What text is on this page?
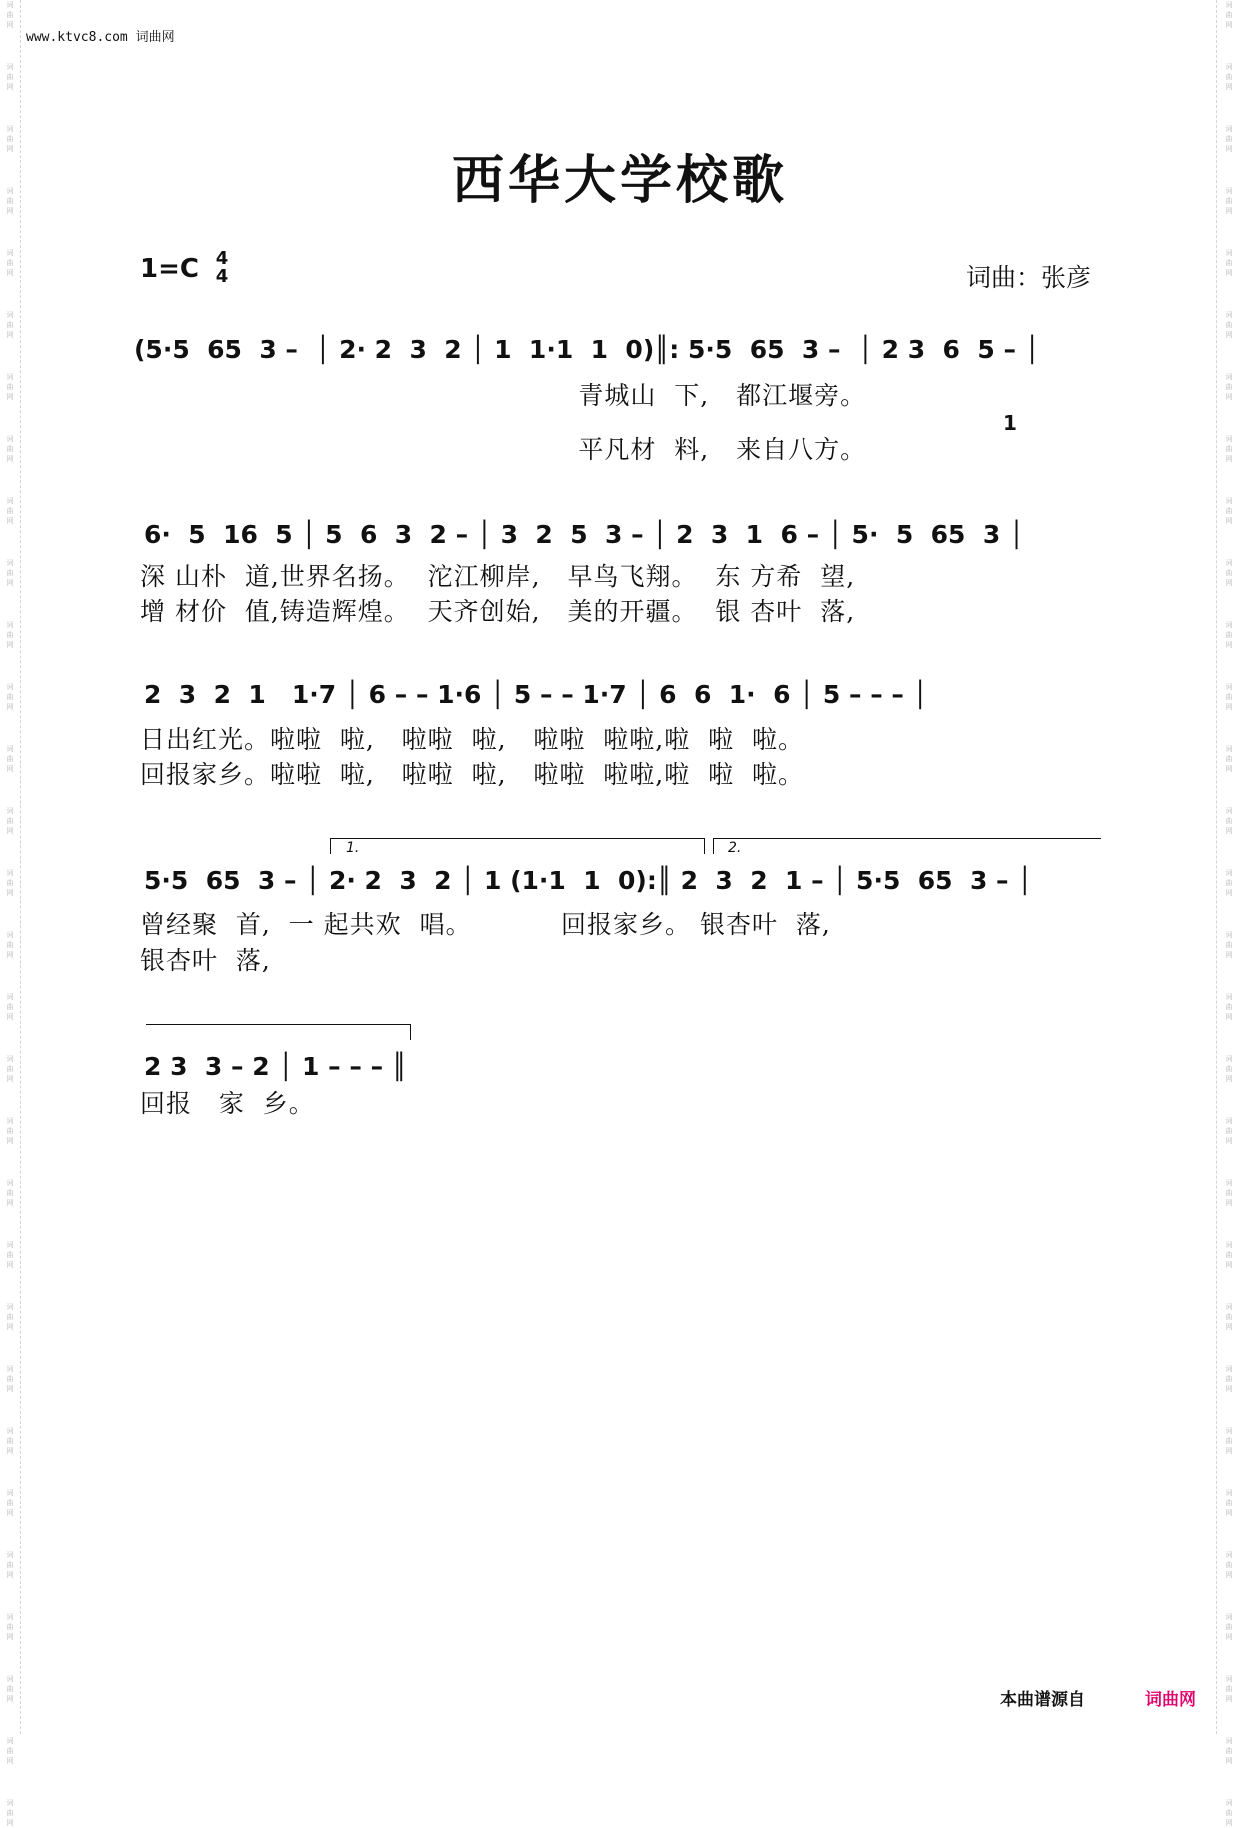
词
曲
网
词
曲
网
词
曲
网
词
曲
网
词
曲
网
词
曲
网
词
曲
网
词
曲
网
词
曲
网
词
曲
网
词
曲
网
词
曲
网
词
曲
网
词
曲
网
词
曲
网
词
曲
网
词
曲
网
词
曲
网
词
曲
网
词
曲
网
词
曲
网
词
曲
网
词
曲
网
词
曲
网
词
曲
网
词
曲
网
词
曲
网
词
曲
网
词
曲
网
词
曲
网
词
曲
网
词
曲
网
词
曲
网
词
曲
网
词
曲
网
词
曲
网
词
曲
网
词
曲
网
词
曲
网
词
曲
网
词
曲
网
词
曲
网
词
曲
网
词
曲
网
词
曲
网
词
曲
网
词
曲
网
词
曲
网
词
曲
网
词
曲
网
词
曲
网
词
曲
网
词
曲
网
词
曲
网
词
曲
网
词
曲
网
词
曲
网
词
曲
网
词
曲
网
词
曲
网
www.ktvc8.com 词曲网
西华大学校歌
1=C 4
4	词曲：张彦
(5·5  65  3 –  │ 2· 2  3  2 │ 1  1·1  1  0)║: 5·5  65  3 –  │ 2 3  6  5 – │
青城山  下,   都江堰旁。
1
平凡材  料,   来自八方。
6·  5  16  5 │ 5  6  3  2 – │ 3  2  5  3 – │ 2  3  1  6 – │ 5·  5  65  3 │
深 山朴  道,世界名扬。  沱江柳岸,   早鸟飞翔。  东 方希  望,
增 材价  值,铸造辉煌。  天齐创始,   美的开疆。  银 杏叶  落,
2  3  2  1   1·7 │ 6 – – 1·6 │ 5 – – 1·7 │ 6  6  1·  6 │ 5 – – – │
日出红光。啦啦  啦,   啦啦  啦,   啦啦  啦啦,啦  啦  啦。
回报家乡。啦啦  啦,   啦啦  啦,   啦啦  啦啦,啦  啦  啦。
1.	2.
5·5  65  3 – │ 2· 2  3  2 │ 1 (1·1  1  0):║ 2  3  2  1 – │ 5·5  65  3 – │
曾经聚  首,  一 起共欢  唱。          回报家乡。 银杏叶  落,
银杏叶  落,
2 3  3 – 2 │ 1 – – – ║
回报   家  乡。
本曲谱源自	词曲网
